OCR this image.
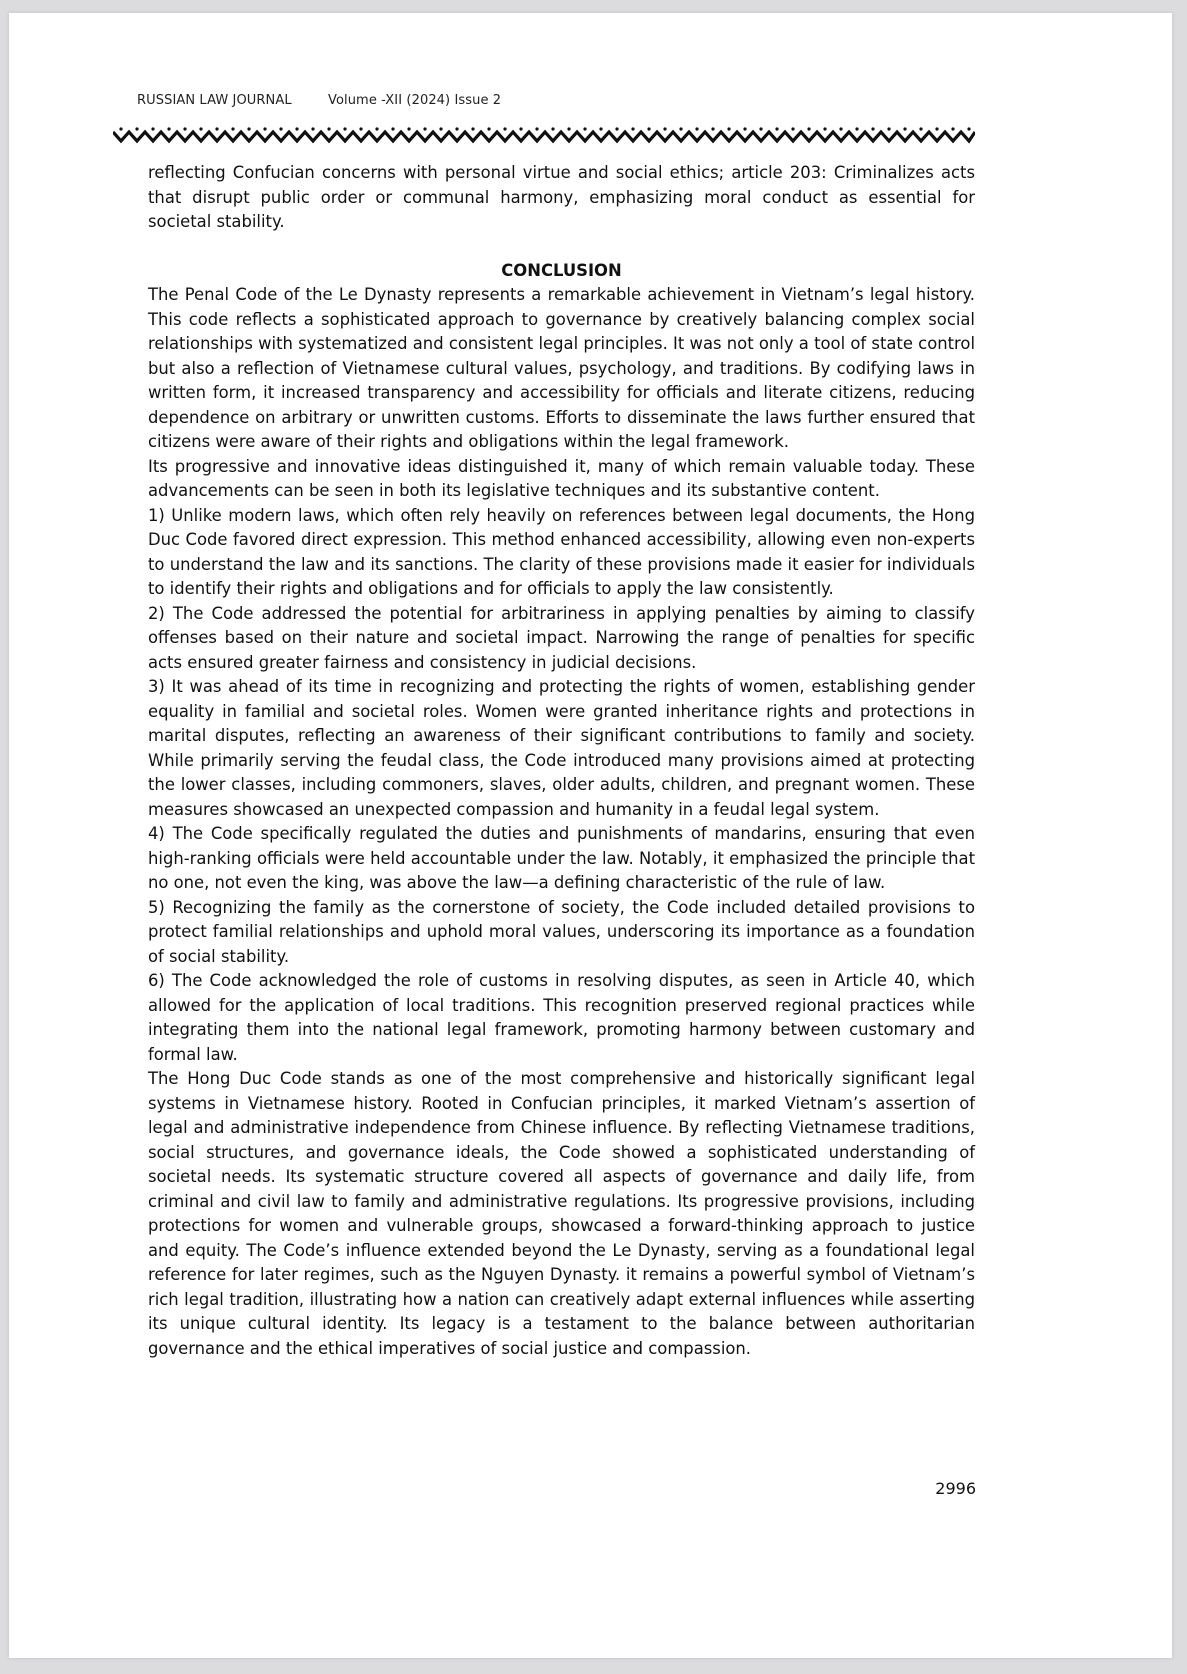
RUSSIAN LAW JOURNAL	Volume -XII (2024) Issue 2

reflecting Confucian concerns with personal virtue and social ethics; article 203: Criminalizes acts that disrupt public order or communal harmony, emphasizing moral conduct as essential for societal stability.

CONCLUSION

The Penal Code of the Le Dynasty represents a remarkable achievement in Vietnam’s legal history. This code reflects a sophisticated approach to governance by creatively balancing complex social relationships with systematized and consistent legal principles. It was not only a tool of state control but also a reflection of Vietnamese cultural values, psychology, and traditions. By codifying laws in written form, it increased transparency and accessibility for officials and literate citizens, reducing dependence on arbitrary or unwritten customs. Efforts to disseminate the laws further ensured that citizens were aware of their rights and obligations within the legal framework.

Its progressive and innovative ideas distinguished it, many of which remain valuable today. These advancements can be seen in both its legislative techniques and its substantive content.

1) Unlike modern laws, which often rely heavily on references between legal documents, the Hong Duc Code favored direct expression. This method enhanced accessibility, allowing even non-experts to understand the law and its sanctions. The clarity of these provisions made it easier for individuals to identify their rights and obligations and for officials to apply the law consistently.

2) The Code addressed the potential for arbitrariness in applying penalties by aiming to classify offenses based on their nature and societal impact. Narrowing the range of penalties for specific acts ensured greater fairness and consistency in judicial decisions.

3) It was ahead of its time in recognizing and protecting the rights of women, establishing gender equality in familial and societal roles. Women were granted inheritance rights and protections in marital disputes, reflecting an awareness of their significant contributions to family and society. While primarily serving the feudal class, the Code introduced many provisions aimed at protecting the lower classes, including commoners, slaves, older adults, children, and pregnant women. These measures showcased an unexpected compassion and humanity in a feudal legal system.

4) The Code specifically regulated the duties and punishments of mandarins, ensuring that even high-ranking officials were held accountable under the law. Notably, it emphasized the principle that no one, not even the king, was above the law—a defining characteristic of the rule of law.

5) Recognizing the family as the cornerstone of society, the Code included detailed provisions to protect familial relationships and uphold moral values, underscoring its importance as a foundation of social stability.

6) The Code acknowledged the role of customs in resolving disputes, as seen in Article 40, which allowed for the application of local traditions. This recognition preserved regional practices while integrating them into the national legal framework, promoting harmony between customary and formal law.

The Hong Duc Code stands as one of the most comprehensive and historically significant legal systems in Vietnamese history. Rooted in Confucian principles, it marked Vietnam’s assertion of legal and administrative independence from Chinese influence. By reflecting Vietnamese traditions, social structures, and governance ideals, the Code showed a sophisticated understanding of societal needs. Its systematic structure covered all aspects of governance and daily life, from criminal and civil law to family and administrative regulations. Its progressive provisions, including protections for women and vulnerable groups, showcased a forward-thinking approach to justice and equity. The Code’s influence extended beyond the Le Dynasty, serving as a foundational legal reference for later regimes, such as the Nguyen Dynasty. it remains a powerful symbol of Vietnam’s rich legal tradition, illustrating how a nation can creatively adapt external influences while asserting its unique cultural identity. Its legacy is a testament to the balance between authoritarian governance and the ethical imperatives of social justice and compassion.

2996
